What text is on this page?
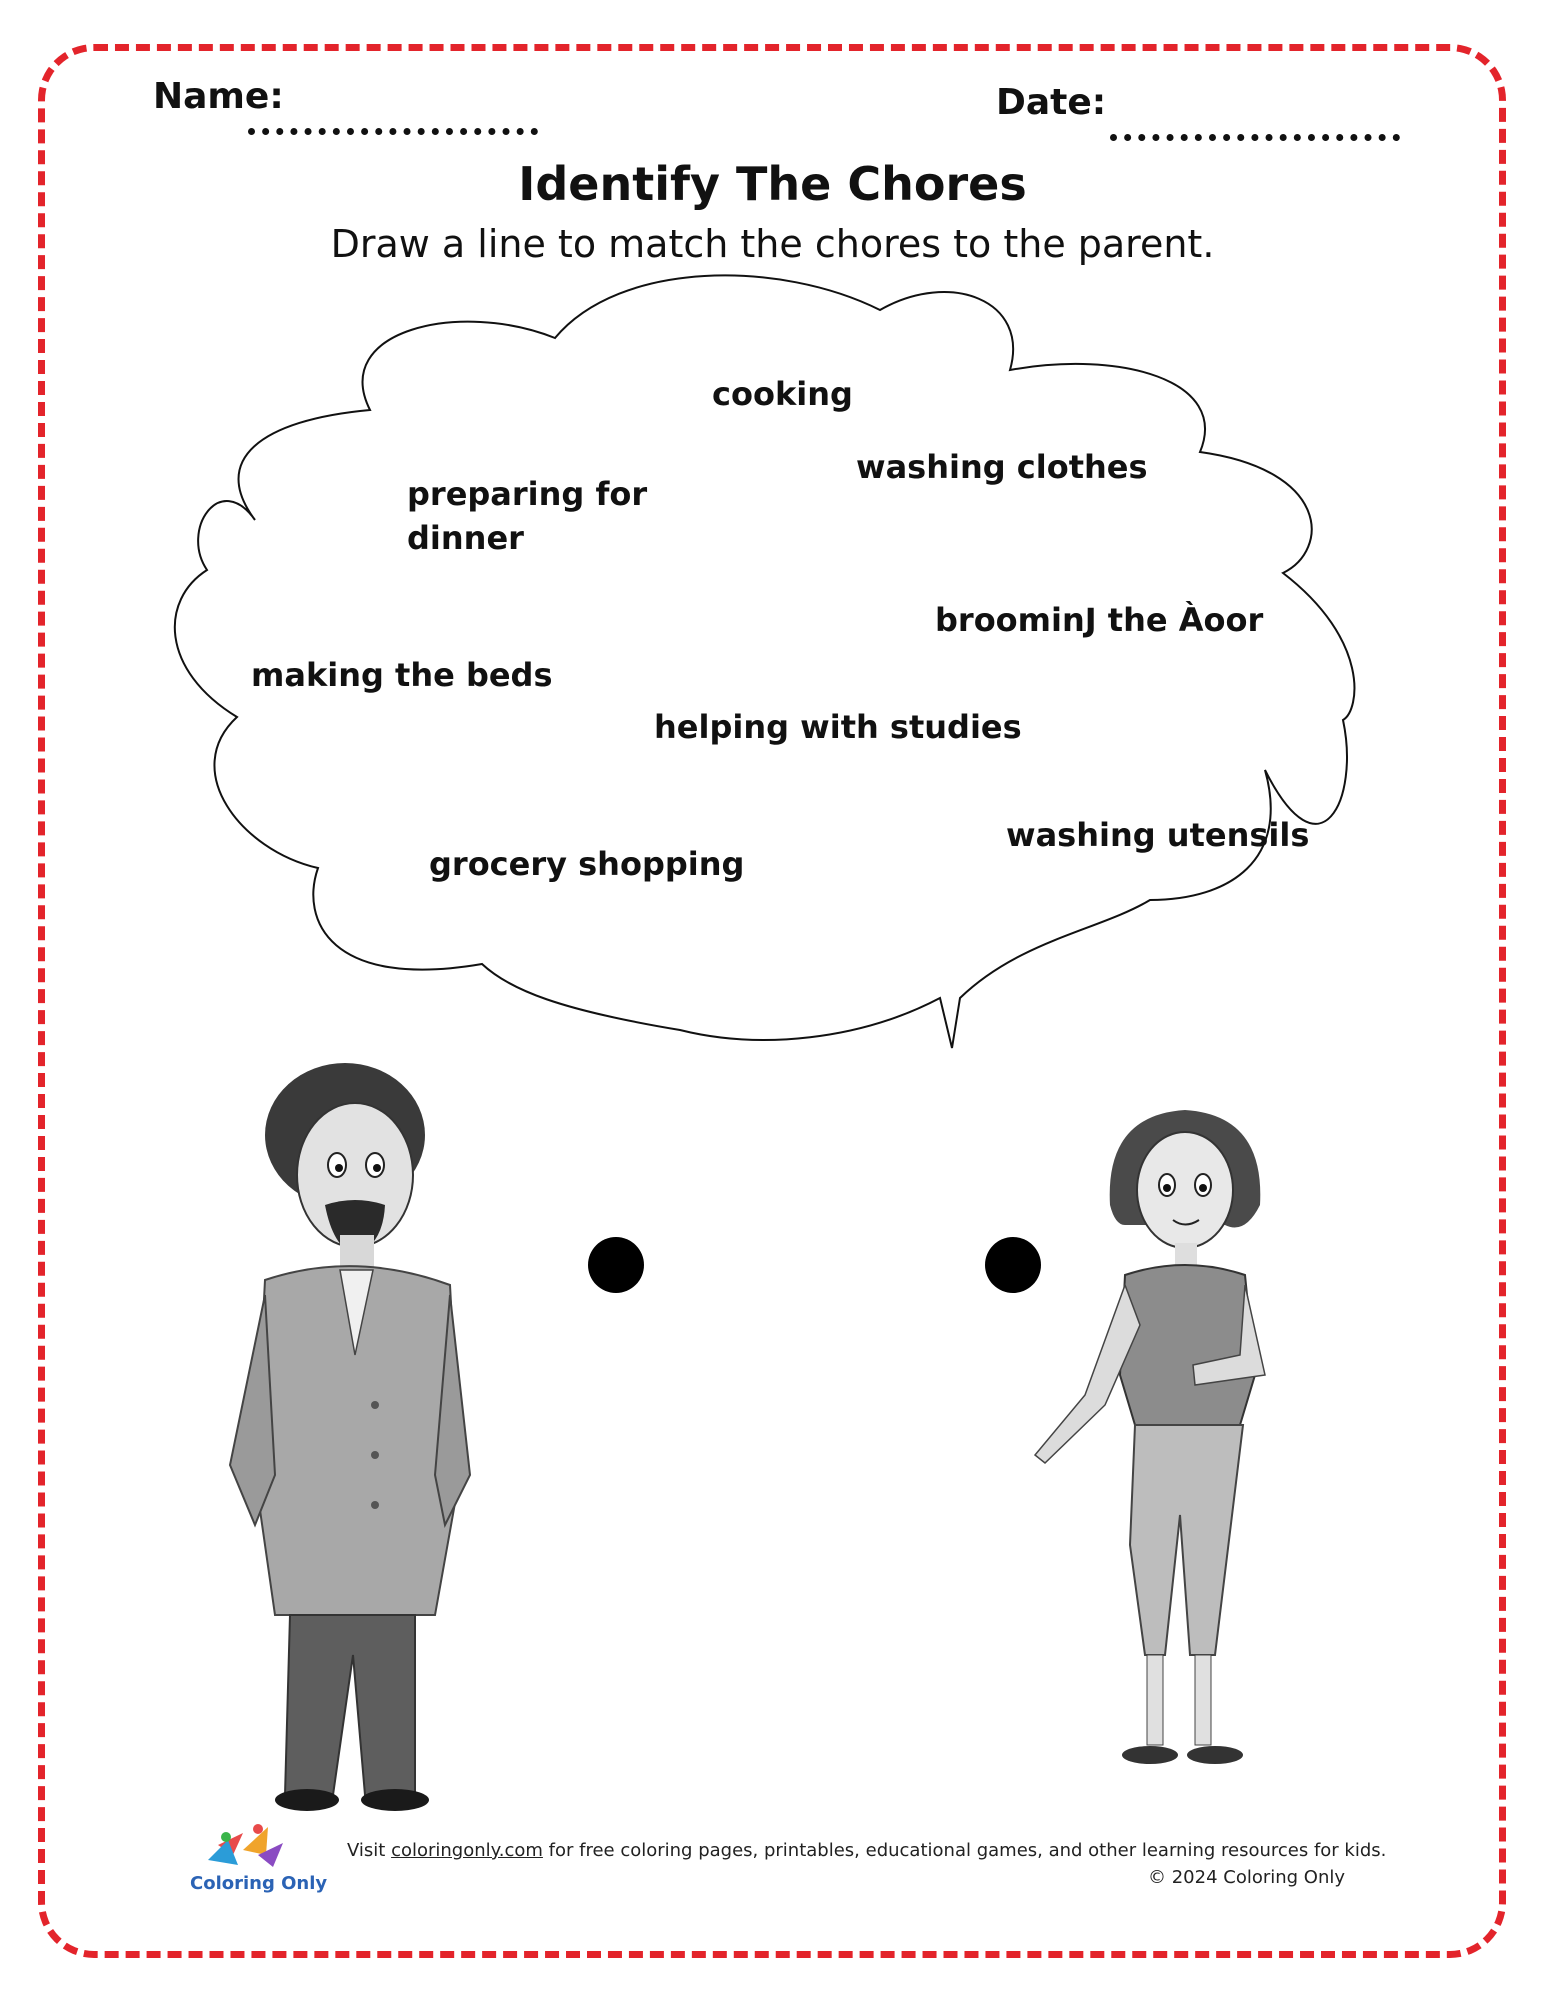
Name:	Date:
Identify The Chores
Draw a line to match the chores to the parent.
cooking
washing clothes
preparing for
dinner
broominJ the Àoor
making the beds
helping with studies
washing utensils
grocery shopping
Coloring Only
Visit coloringonly.com for free coloring pages, printables, educational games, and other learning resources for kids.
© 2024 Coloring Only
